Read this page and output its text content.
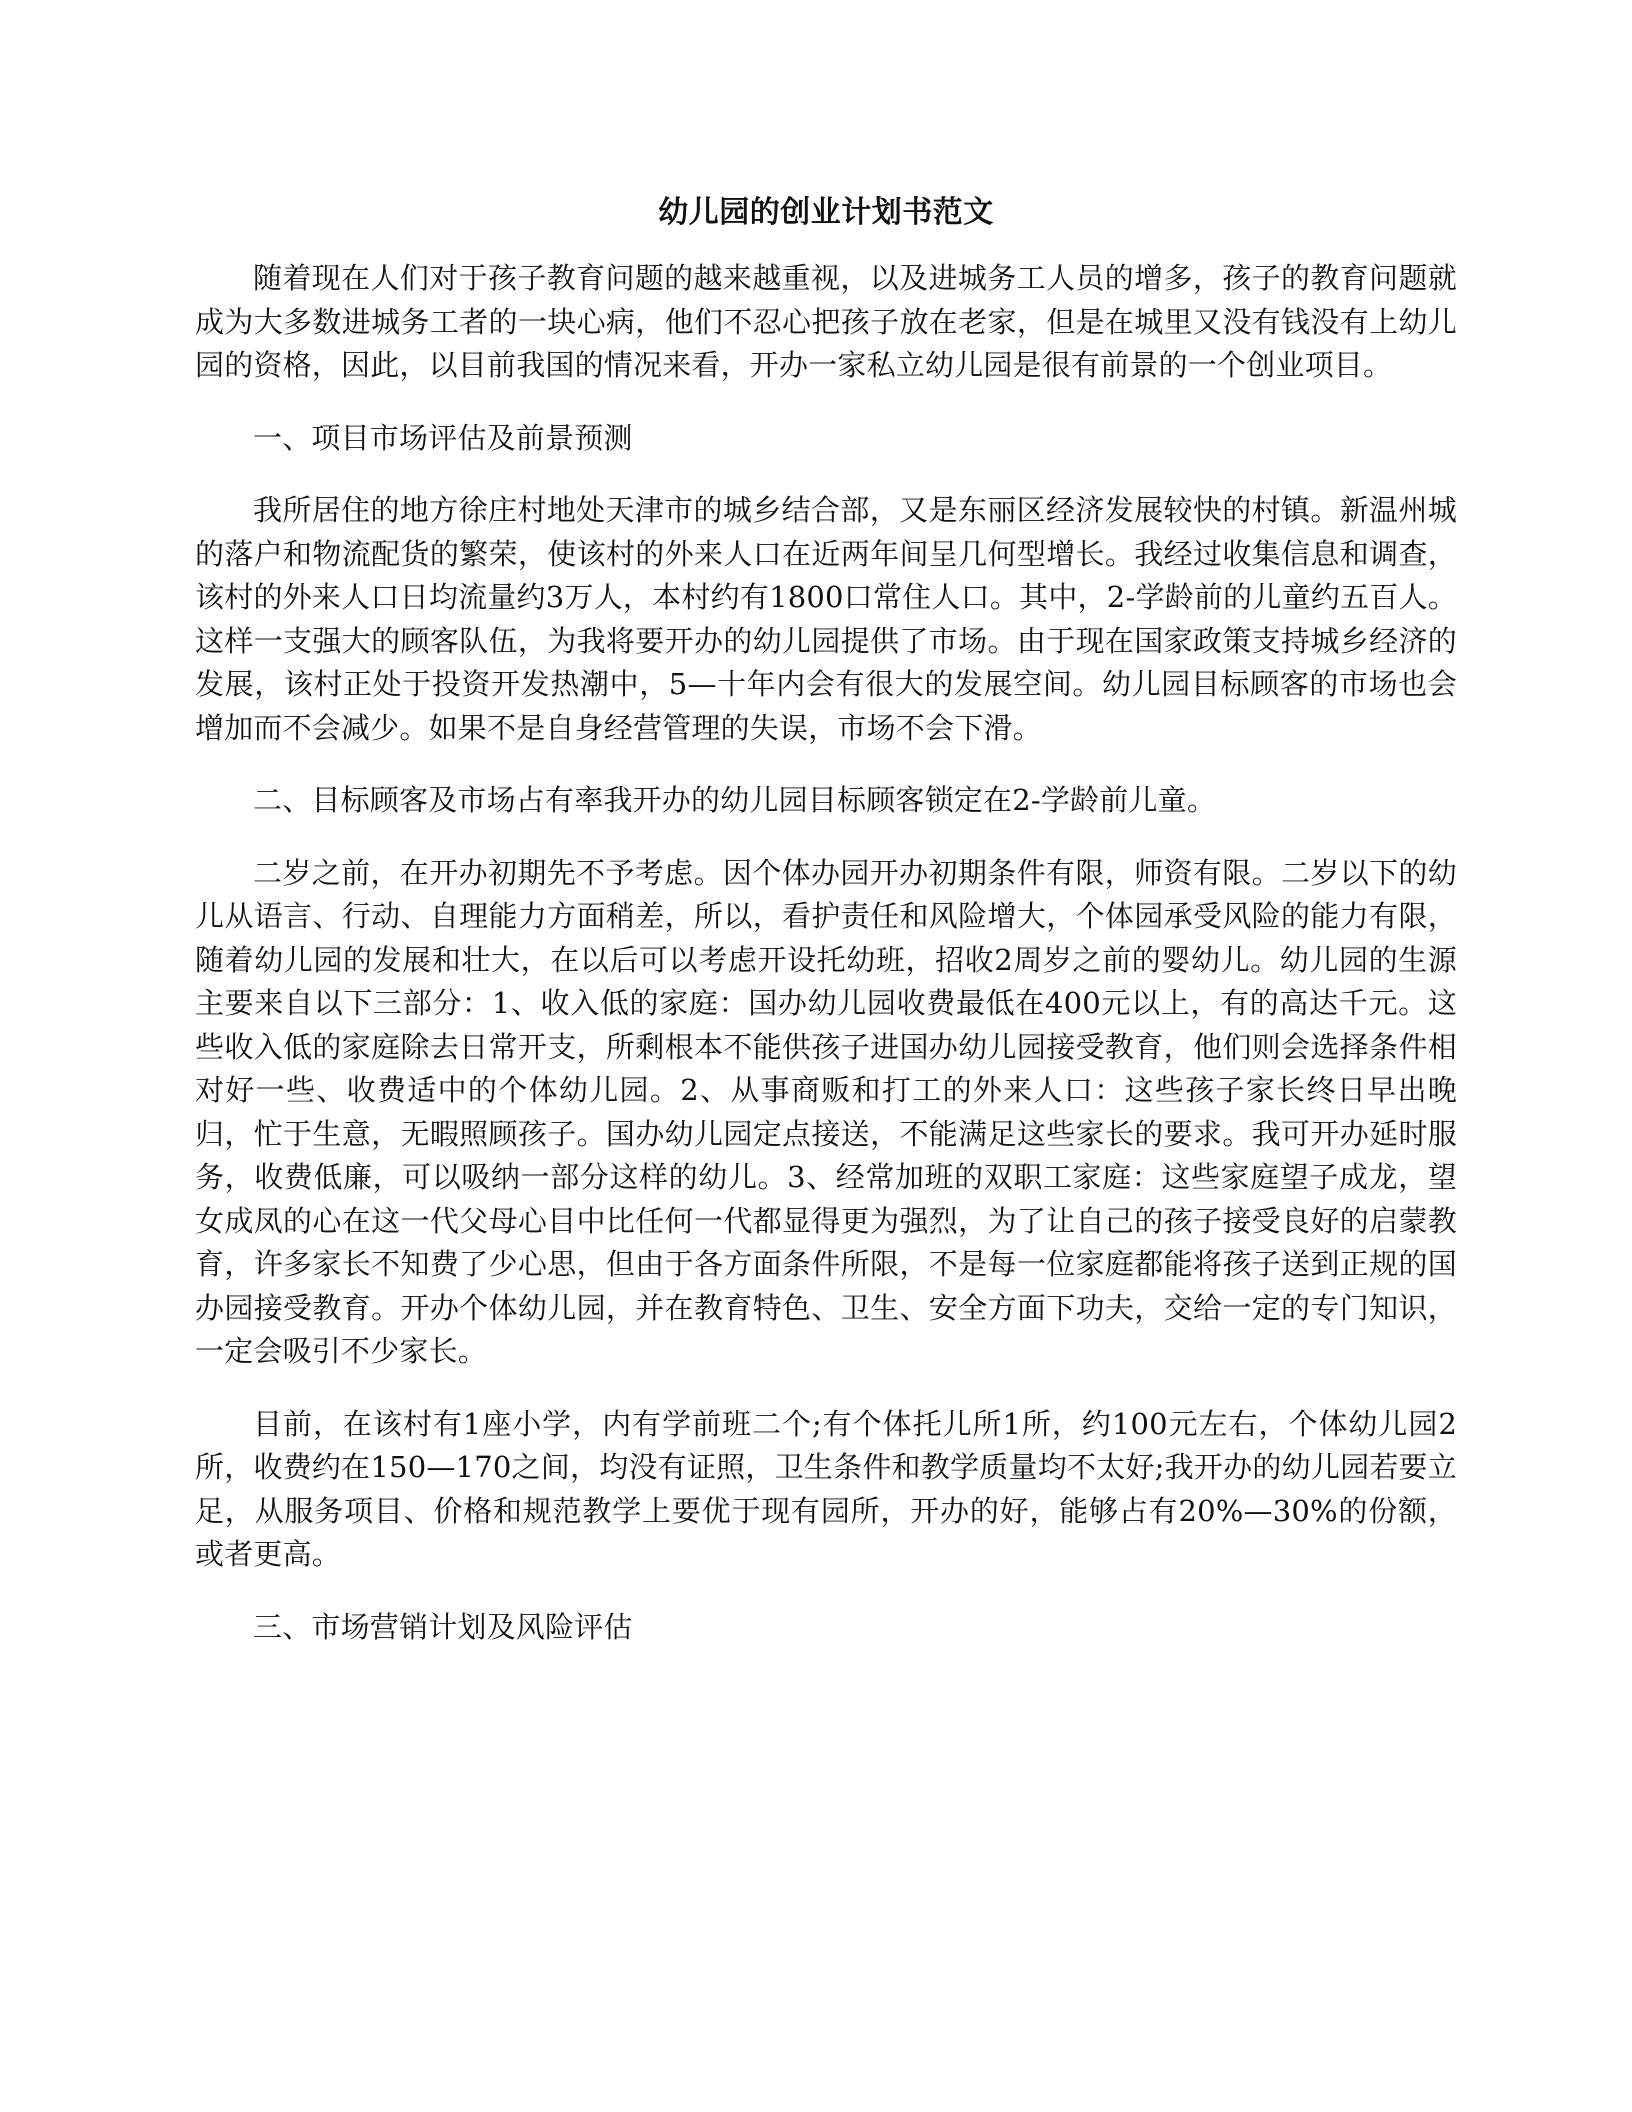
幼儿园的创业计划书范文

随着现在人们对于孩子教育问题的越来越重视，以及进城务工人员的增多，孩子的教育问题就成为大多数进城务工者的一块心病，他们不忍心把孩子放在老家，但是在城里又没有钱没有上幼儿园的资格，因此，以目前我国的情况来看，开办一家私立幼儿园是很有前景的一个创业项目。

一、项目市场评估及前景预测

我所居住的地方徐庄村地处天津市的城乡结合部，又是东丽区经济发展较快的村镇。新温州城的落户和物流配货的繁荣，使该村的外来人口在近两年间呈几何型增长。我经过收集信息和调查，该村的外来人口日均流量约3万人，本村约有1800口常住人口。其中，2-学龄前的儿童约五百人。这样一支强大的顾客队伍，为我将要开办的幼儿园提供了市场。由于现在国家政策支持城乡经济的发展，该村正处于投资开发热潮中，5—十年内会有很大的发展空间。幼儿园目标顾客的市场也会增加而不会减少。如果不是自身经营管理的失误，市场不会下滑。

二、目标顾客及市场占有率我开办的幼儿园目标顾客锁定在2-学龄前儿童。

二岁之前，在开办初期先不予考虑。因个体办园开办初期条件有限，师资有限。二岁以下的幼儿从语言、行动、自理能力方面稍差，所以，看护责任和风险增大，个体园承受风险的能力有限，随着幼儿园的发展和壮大，在以后可以考虑开设托幼班，招收2周岁之前的婴幼儿。幼儿园的生源主要来自以下三部分：1、收入低的家庭：国办幼儿园收费最低在400元以上，有的高达千元。这些收入低的家庭除去日常开支，所剩根本不能供孩子进国办幼儿园接受教育，他们则会选择条件相对好一些、收费适中的个体幼儿园。2、从事商贩和打工的外来人口：这些孩子家长终日早出晚归，忙于生意，无暇照顾孩子。国办幼儿园定点接送，不能满足这些家长的要求。我可开办延时服务，收费低廉，可以吸纳一部分这样的幼儿。3、经常加班的双职工家庭：这些家庭望子成龙，望女成凤的心在这一代父母心目中比任何一代都显得更为强烈，为了让自己的孩子接受良好的启蒙教育，许多家长不知费了少心思，但由于各方面条件所限，不是每一位家庭都能将孩子送到正规的国办园接受教育。开办个体幼儿园，并在教育特色、卫生、安全方面下功夫，交给一定的专门知识，一定会吸引不少家长。

目前，在该村有1座小学，内有学前班二个;有个体托儿所1所，约100元左右，个体幼儿园2所，收费约在150—170之间，均没有证照，卫生条件和教学质量均不太好;我开办的幼儿园若要立足，从服务项目、价格和规范教学上要优于现有园所，开办的好，能够占有20%—30%的份额，或者更高。

三、市场营销计划及风险评估
